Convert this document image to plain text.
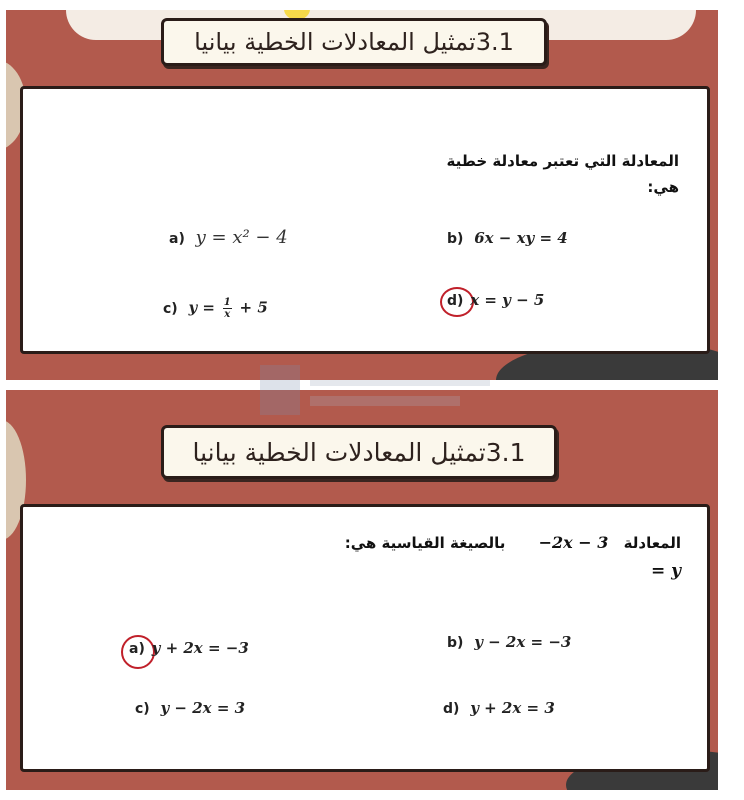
3.1تمثيل المعادلات الخطية بيانيا
المعادلة التي تعتبر معادلة خطية
هي:
a) y = x² − 4	b) 6x − xy = 4
c) $y = \frac{1}{x} + 5$	d) x = y − 5
3.1تمثيل المعادلات الخطية بيانيا
المعادلة −2x − 3 بالصيغة القياسية هي:
= y
a) y + 2x = −3	b) y − 2x = −3
c) y − 2x = 3	d) y + 2x = 3
